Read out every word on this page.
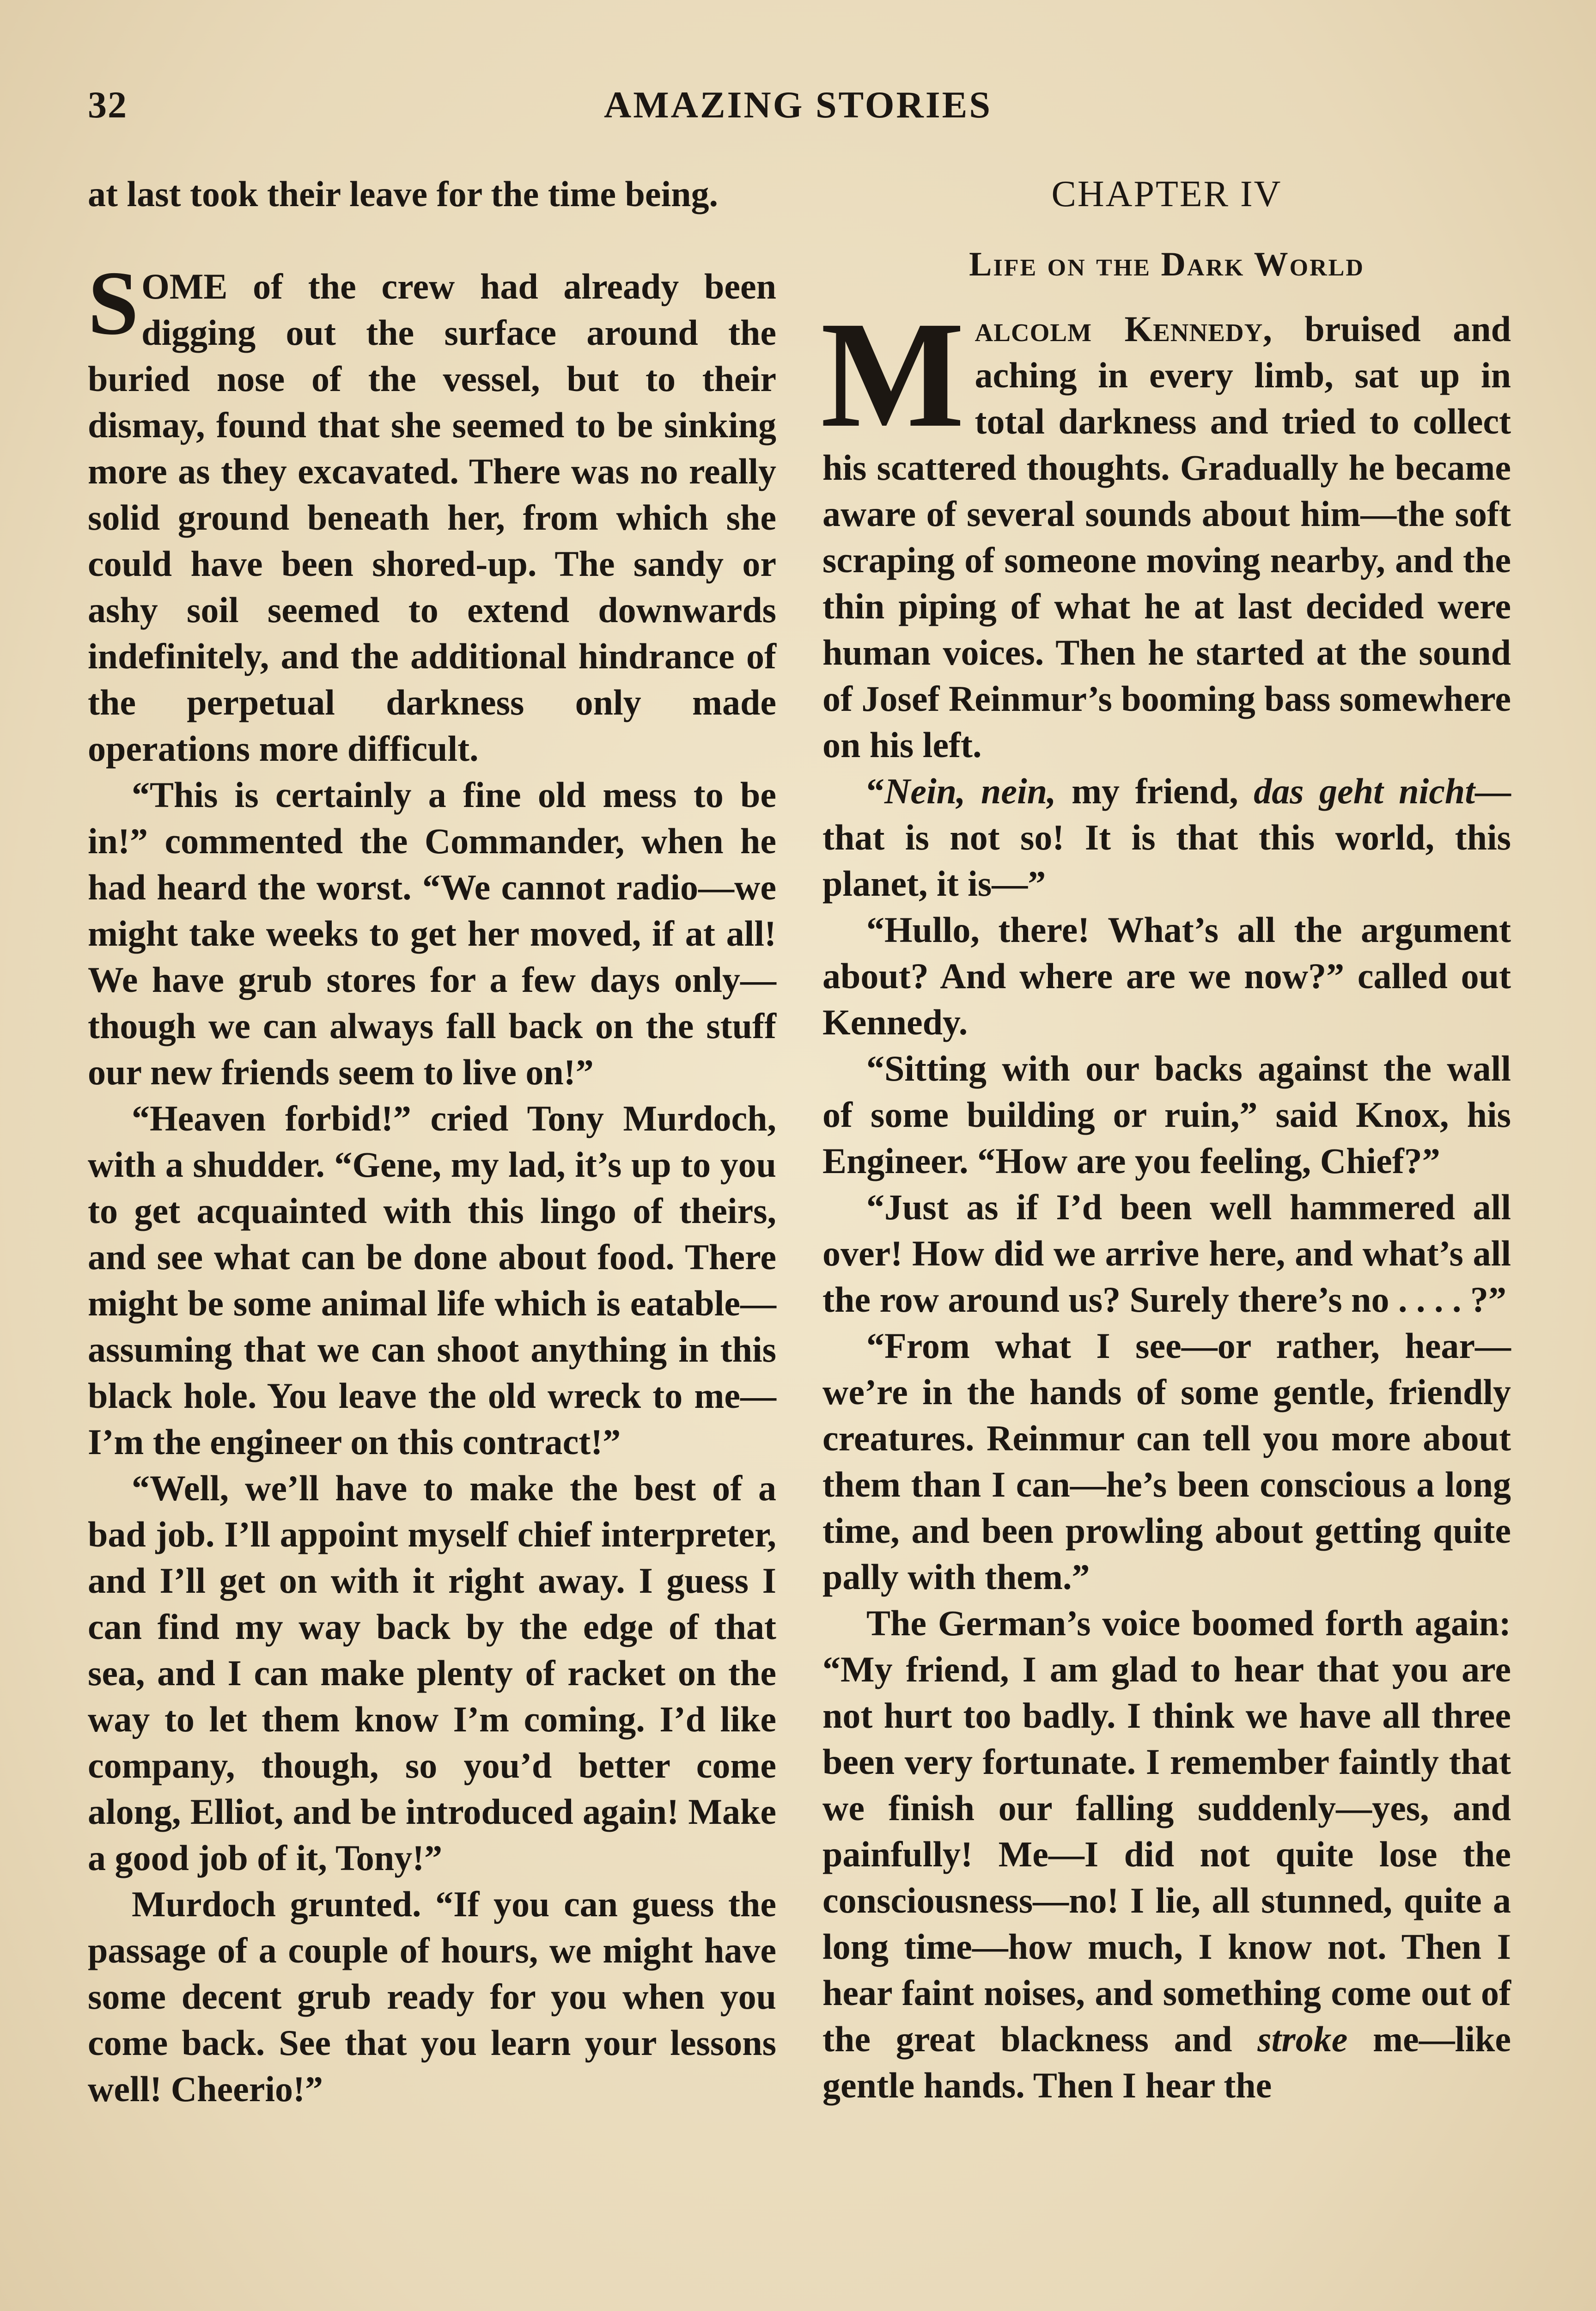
32	AMAZING STORIES

at last took their leave for the time being.

SOME of the crew had already been digging out the surface around the buried nose of the vessel, but to their dismay, found that she seemed to be sinking more as they excavated. There was no really solid ground beneath her, from which she could have been shored-up. The sandy or ashy soil seemed to extend downwards indefinitely, and the additional hindrance of the perpetual darkness only made operations more difficult.

“This is certainly a fine old mess to be in!” commented the Commander, when he had heard the worst. “We cannot radio—we might take weeks to get her moved, if at all! We have grub stores for a few days only—though we can always fall back on the stuff our new friends seem to live on!”

“Heaven forbid!” cried Tony Murdoch, with a shudder. “Gene, my lad, it’s up to you to get acquainted with this lingo of theirs, and see what can be done about food. There might be some animal life which is eatable—assuming that we can shoot anything in this black hole. You leave the old wreck to me—I’m the engineer on this contract!”

“Well, we’ll have to make the best of a bad job. I’ll appoint myself chief interpreter, and I’ll get on with it right away. I guess I can find my way back by the edge of that sea, and I can make plenty of racket on the way to let them know I’m coming. I’d like company, though, so you’d better come along, Elliot, and be introduced again! Make a good job of it, Tony!”

Murdoch grunted. “If you can guess the passage of a couple of hours, we might have some decent grub ready for you when you come back. See that you learn your lessons well! Cheerio!”

CHAPTER IV
Life on the Dark World

Malcolm Kennedy, bruised and aching in every limb, sat up in total darkness and tried to collect his scattered thoughts. Gradually he became aware of several sounds about him—the soft scraping of someone moving nearby, and the thin piping of what he at last decided were human voices. Then he started at the sound of Josef Reinmur’s booming bass somewhere on his left.

“Nein, nein, my friend, das geht nicht—that is not so! It is that this world, this planet, it is—”

“Hullo, there! What’s all the argument about? And where are we now?” called out Kennedy.

“Sitting with our backs against the wall of some building or ruin,” said Knox, his Engineer. “How are you feeling, Chief?”

“Just as if I’d been well hammered all over! How did we arrive here, and what’s all the row around us? Surely there’s no . . . . ?”

“From what I see—or rather, hear—we’re in the hands of some gentle, friendly creatures. Reinmur can tell you more about them than I can—he’s been conscious a long time, and been prowling about getting quite pally with them.”

The German’s voice boomed forth again: “My friend, I am glad to hear that you are not hurt too badly. I think we have all three been very fortunate. I remember faintly that we finish our falling suddenly—yes, and painfully! Me—I did not quite lose the consciousness—no! I lie, all stunned, quite a long time—how much, I know not. Then I hear faint noises, and something come out of the great blackness and stroke me—like gentle hands. Then I hear the
